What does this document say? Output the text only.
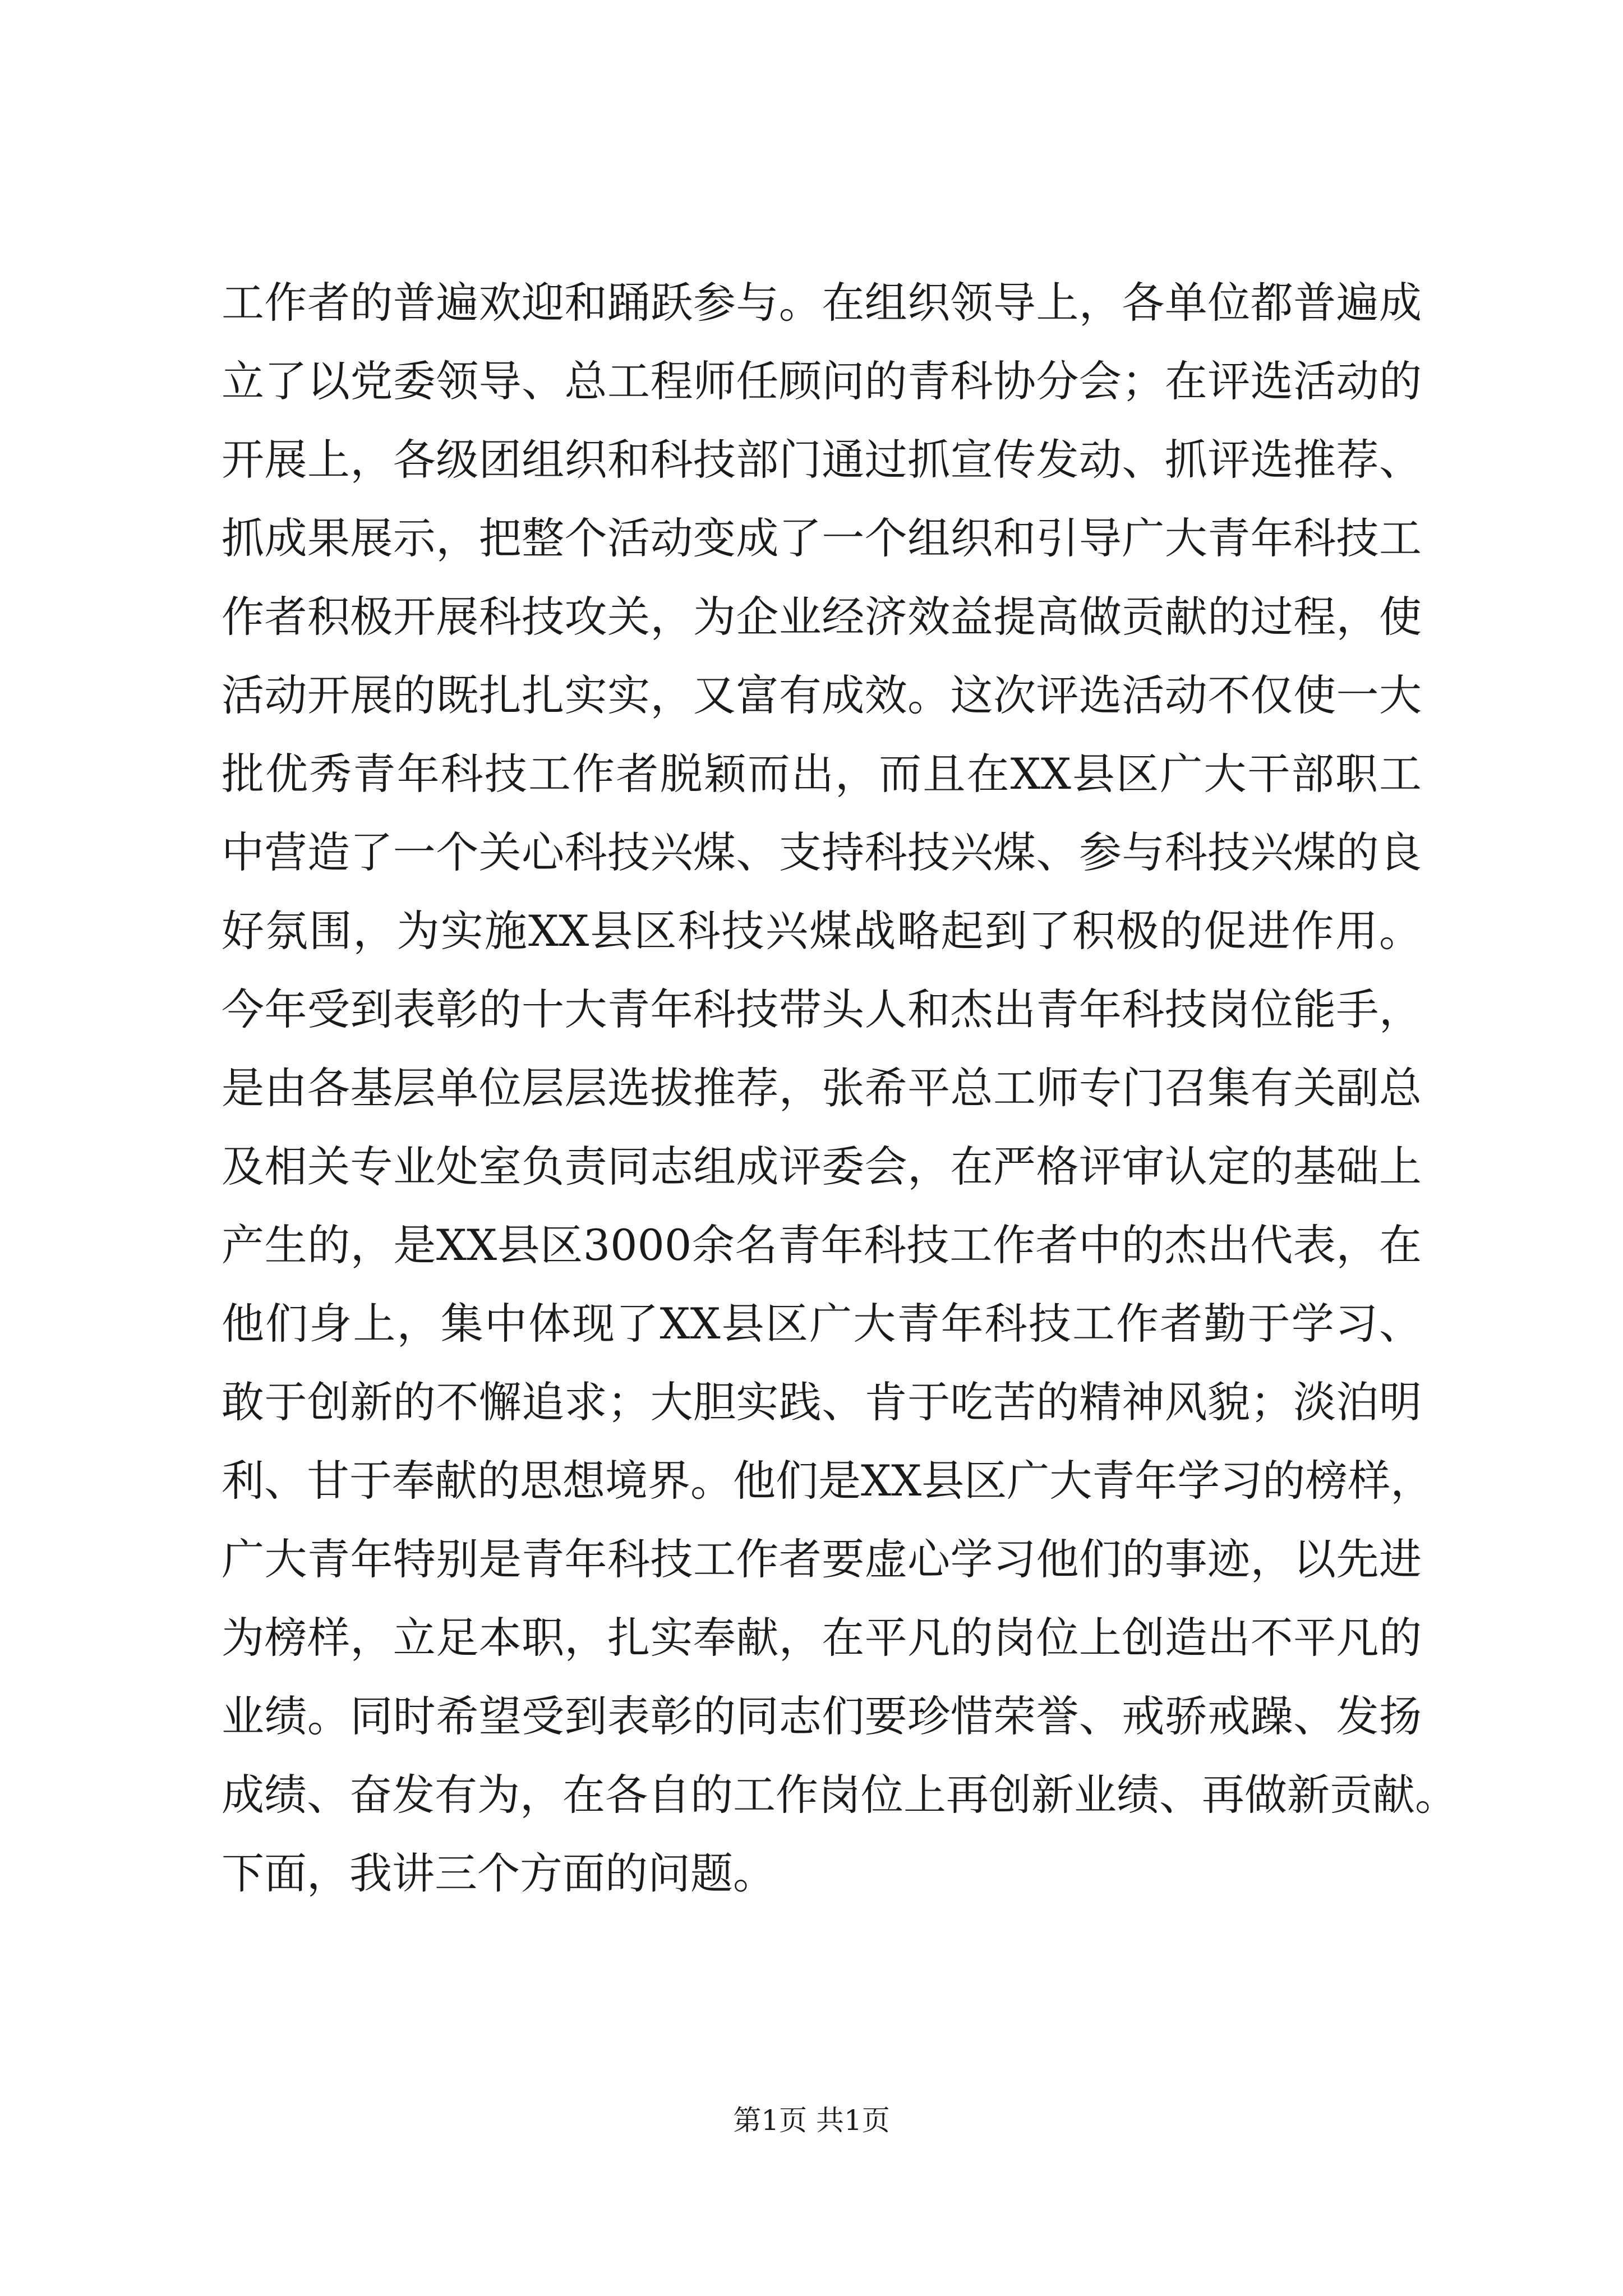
工作者的普遍欢迎和踊跃参与。在组织领导上，各单位都普遍成
立了以党委领导、总工程师任顾问的青科协分会；在评选活动的
开展上，各级团组织和科技部门通过抓宣传发动、抓评选推荐、
抓成果展示，把整个活动变成了一个组织和引导广大青年科技工
作者积极开展科技攻关，为企业经济效益提高做贡献的过程，使
活动开展的既扎扎实实，又富有成效。这次评选活动不仅使一大
批优秀青年科技工作者脱颖而出，而且在XX县区广大干部职工
中营造了一个关心科技兴煤、支持科技兴煤、参与科技兴煤的良
好氛围，为实施XX县区科技兴煤战略起到了积极的促进作用。
今年受到表彰的十大青年科技带头人和杰出青年科技岗位能手，
是由各基层单位层层选拔推荐，张希平总工师专门召集有关副总
及相关专业处室负责同志组成评委会，在严格评审认定的基础上
产生的，是XX县区3000余名青年科技工作者中的杰出代表，在
他们身上，集中体现了XX县区广大青年科技工作者勤于学习、
敢于创新的不懈追求；大胆实践、肯于吃苦的精神风貌；淡泊明
利、甘于奉献的思想境界。他们是XX县区广大青年学习的榜样，
广大青年特别是青年科技工作者要虚心学习他们的事迹，以先进
为榜样，立足本职，扎实奉献，在平凡的岗位上创造出不平凡的
业绩。同时希望受到表彰的同志们要珍惜荣誉、戒骄戒躁、发扬
成绩、奋发有为，在各自的工作岗位上再创新业绩、再做新贡献。
下面，我讲三个方面的问题。
第1页 共1页
